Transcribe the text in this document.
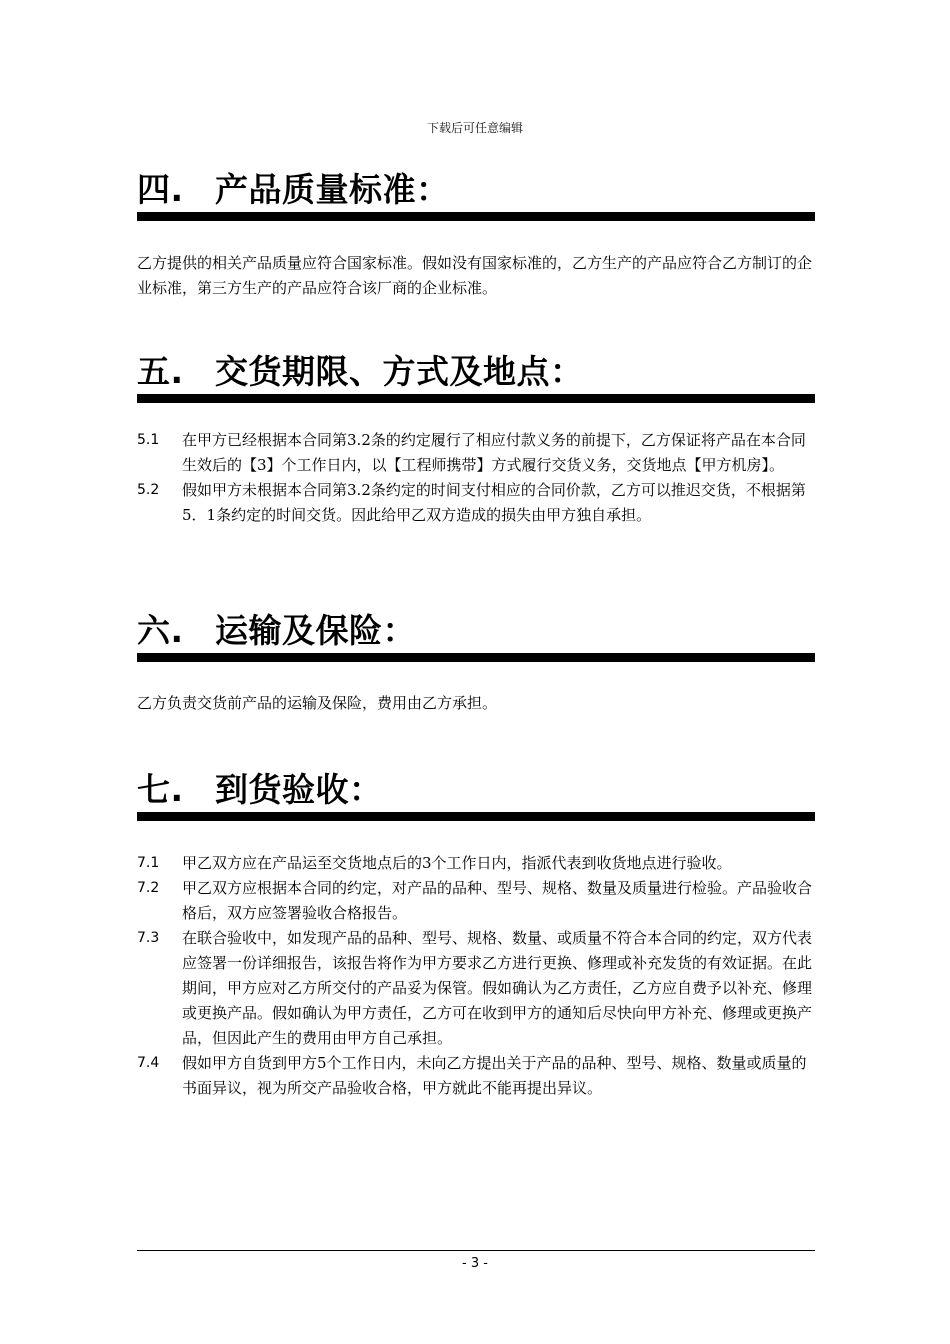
下载后可任意编辑
四. 产品质量标准：
乙方提供的相关产品质量应符合国家标准。假如没有国家标准的，乙方生产的产品应符合乙方制订的企业标准，第三方生产的产品应符合该厂商的企业标准。
五. 交货期限、方式及地点：
5.1 在甲方已经根据本合同第3.2条的约定履行了相应付款义务的前提下，乙方保证将产品在本合同生效后的【3】个工作日内，以【工程师携带】方式履行交货义务，交货地点【甲方机房】。
5.2 假如甲方未根据本合同第3.2条约定的时间支付相应的合同价款，乙方可以推迟交货，不根据第5．1条约定的时间交货。因此给甲乙双方造成的损失由甲方独自承担。
六. 运输及保险：
乙方负责交货前产品的运输及保险，费用由乙方承担。
七. 到货验收：
7.1 甲乙双方应在产品运至交货地点后的3个工作日内，指派代表到收货地点进行验收。
7.2 甲乙双方应根据本合同的约定，对产品的品种、型号、规格、数量及质量进行检验。产品验收合格后，双方应签署验收合格报告。
7.3 在联合验收中，如发现产品的品种、型号、规格、数量、或质量不符合本合同的约定，双方代表应签署一份详细报告，该报告将作为甲方要求乙方进行更换、修理或补充发货的有效证据。在此期间，甲方应对乙方所交付的产品妥为保管。假如确认为乙方责任，乙方应自费予以补充、修理或更换产品。假如确认为甲方责任，乙方可在收到甲方的通知后尽快向甲方补充、修理或更换产品，但因此产生的费用由甲方自己承担。
7.4 假如甲方自货到甲方5个工作日内，未向乙方提出关于产品的品种、型号、规格、数量或质量的书面异议，视为所交产品验收合格，甲方就此不能再提出异议。
- 3 -
